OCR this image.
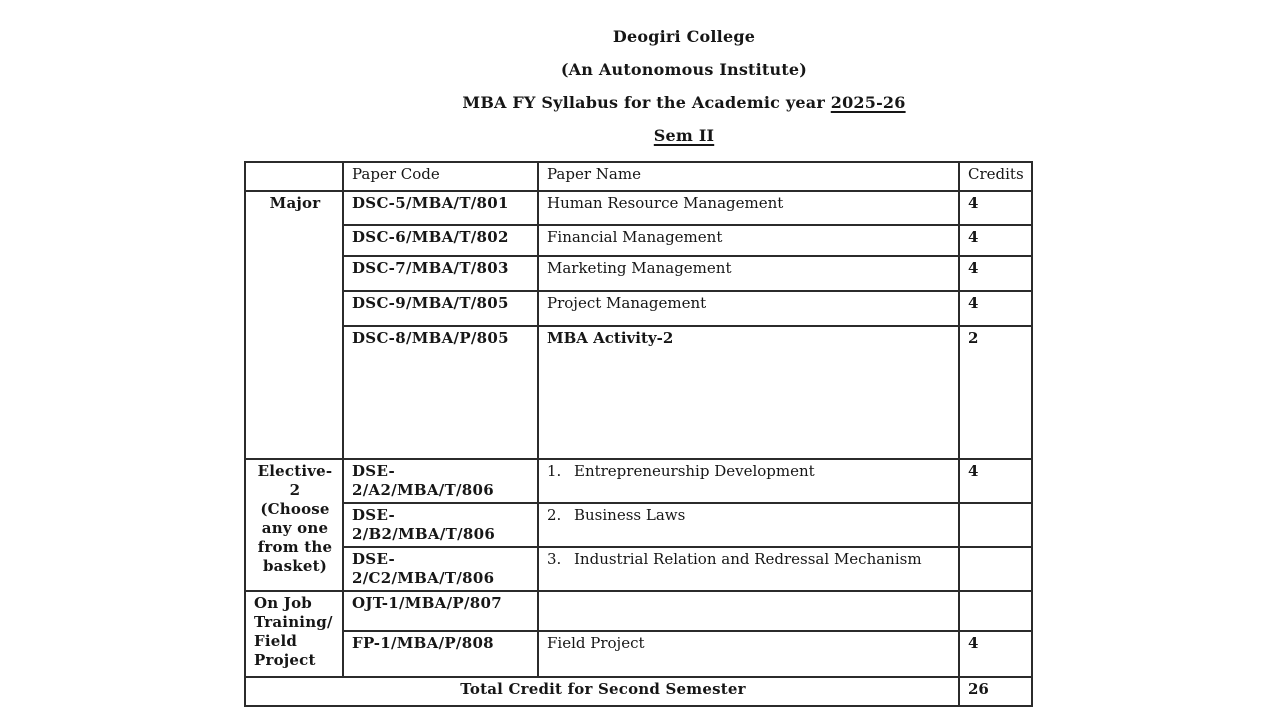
Deogiri College
(An Autonomous Institute)
MBA FY Syllabus for the Academic year 2025-26
Sem II
	Paper Code	Paper Name	Credits
Major	DSC-5/MBA/T/801	Human Resource Management	4
	DSC-6/MBA/T/802	Financial Management	4
	DSC-7/MBA/T/803	Marketing Management	4
	DSC-9/MBA/T/805	Project Management	4
	DSC-8/MBA/P/805	MBA Activity-2	2
Elective-2 (Choose any one from the basket)	DSE-2/A2/MBA/T/806	1. Entrepreneurship Development	4
	DSE-2/B2/MBA/T/806	2. Business Laws	
	DSE-2/C2/MBA/T/806	3. Industrial Relation and Redressal Mechanism	
On Job Training/ Field Project	OJT-1/MBA/P/807		
	FP-1/MBA/P/808	Field Project	4
Total Credit for Second Semester			26
